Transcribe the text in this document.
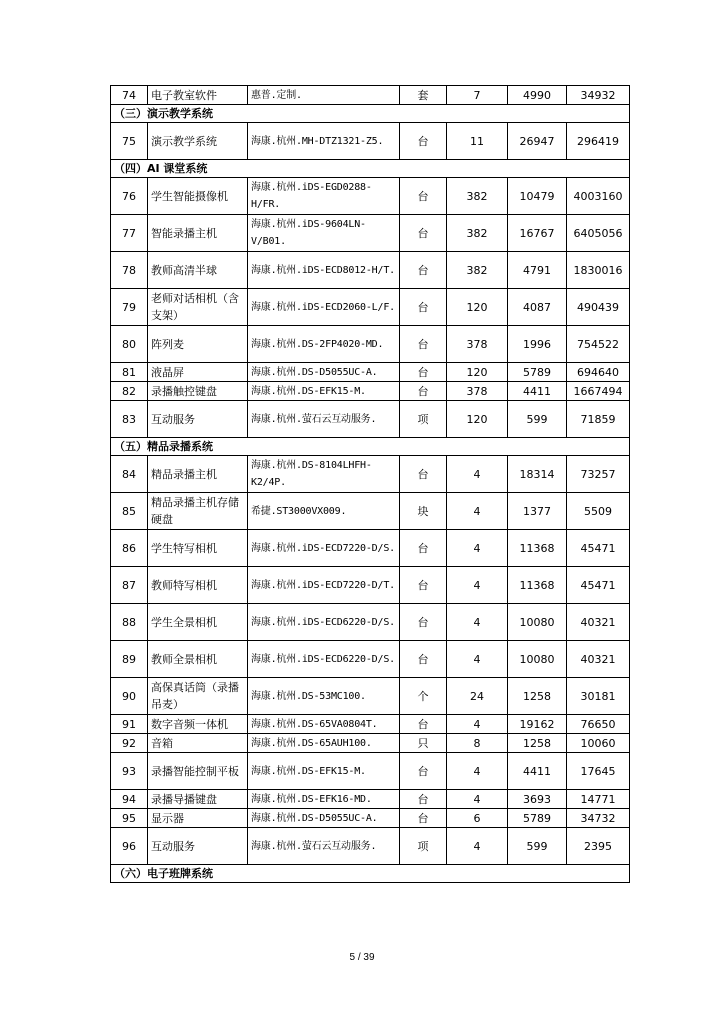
74	电子教室软件	惠普.定制.	套	7	4990	34932
（三）演示教学系统						
75	演示教学系统	海康.杭州.MH-DTZ1321-Z5.	台	11	26947	296419
（四）AI 课堂系统						
76	学生智能摄像机	海康.杭州.iDS-EGD0288-H/FR.	台	382	10479	4003160
77	智能录播主机	海康.杭州.iDS-9604LN-V/B01.	台	382	16767	6405056
78	教师高清半球	海康.杭州.iDS-ECD8012-H/T.	台	382	4791	1830016
79	老师对话相机（含支架）	海康.杭州.iDS-ECD2060-L/F.	台	120	4087	490439
80	阵列麦	海康.杭州.DS-2FP4020-MD.	台	378	1996	754522
81	液晶屏	海康.杭州.DS-D5055UC-A.	台	120	5789	694640
82	录播触控键盘	海康.杭州.DS-EFK15-M.	台	378	4411	1667494
83	互动服务	海康.杭州.萤石云互动服务.	项	120	599	71859
（五）精品录播系统						
84	精品录播主机	海康.杭州.DS-8104LHFH-K2/4P.	台	4	18314	73257
85	精品录播主机存储硬盘	希捷.ST3000VX009.	块	4	1377	5509
86	学生特写相机	海康.杭州.iDS-ECD7220-D/S.	台	4	11368	45471
87	教师特写相机	海康.杭州.iDS-ECD7220-D/T.	台	4	11368	45471
88	学生全景相机	海康.杭州.iDS-ECD6220-D/S.	台	4	10080	40321
89	教师全景相机	海康.杭州.iDS-ECD6220-D/S.	台	4	10080	40321
90	高保真话筒（录播吊麦）	海康.杭州.DS-53MC100.	个	24	1258	30181
91	数字音频一体机	海康.杭州.DS-65VA0804T.	台	4	19162	76650
92	音箱	海康.杭州.DS-65AUH100.	只	8	1258	10060
93	录播智能控制平板	海康.杭州.DS-EFK15-M.	台	4	4411	17645
94	录播导播键盘	海康.杭州.DS-EFK16-MD.	台	4	3693	14771
95	显示器	海康.杭州.DS-D5055UC-A.	台	6	5789	34732
96	互动服务	海康.杭州.萤石云互动服务.	项	4	599	2395
（六）电子班牌系统						
5 / 39
